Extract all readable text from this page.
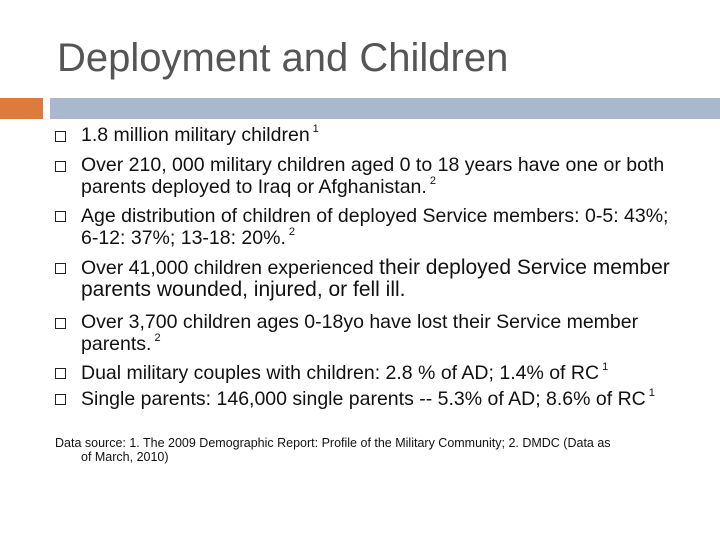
Deployment and Children
1.8 million military children $^1$
Over 210, 000 military children aged 0 to 18 years have one or both parents deployed to Iraq or Afghanistan. $^2$
Age distribution of children of deployed Service members: 0-5: 43%; 6-12: 37%; 13-18: 20%. $^2$
Over 41,000 children experienced their deployed Service member parents wounded, injured, or fell ill.
Over 3,700 children ages 0-18yo have lost their Service member parents. $^2$
Dual military couples with children: 2.8 % of AD; 1.4% of RC $^1$
Single parents: 146,000 single parents -- 5.3% of AD; 8.6% of RC $^1$
Data source: 1. The 2009 Demographic Report: Profile of the Military Community; 2. DMDC (Data as
of March, 2010)
